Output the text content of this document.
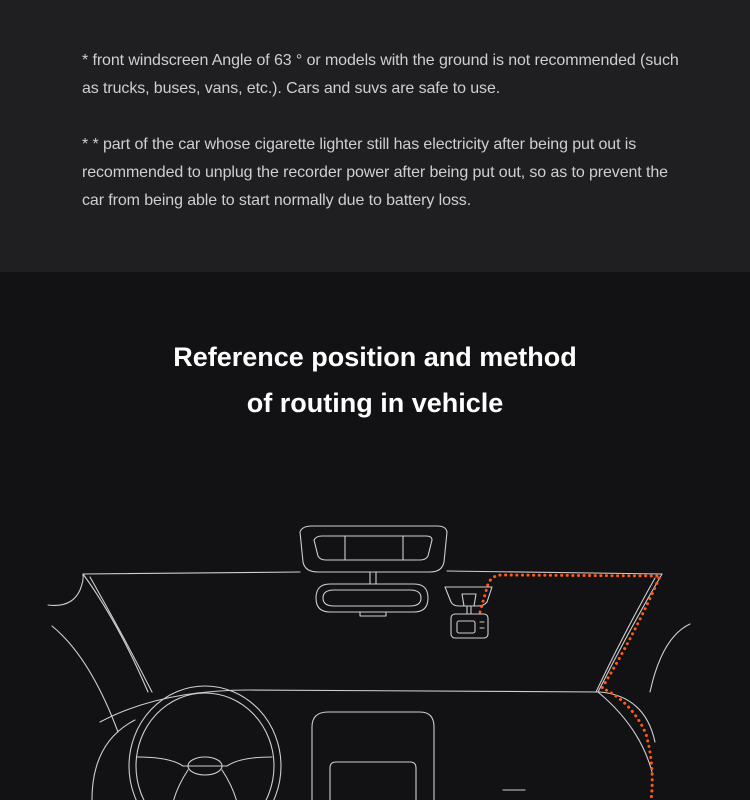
* front windscreen Angle of 63 ° or models with the ground is not recommended (such as trucks, buses, vans, etc.). Cars and suvs are safe to use.

* * part of the car whose cigarette lighter still has electricity after being put out is recommended to unplug the recorder power after being put out, so as to prevent the car from being able to start normally due to battery loss.

Reference position and method
of routing in vehicle
